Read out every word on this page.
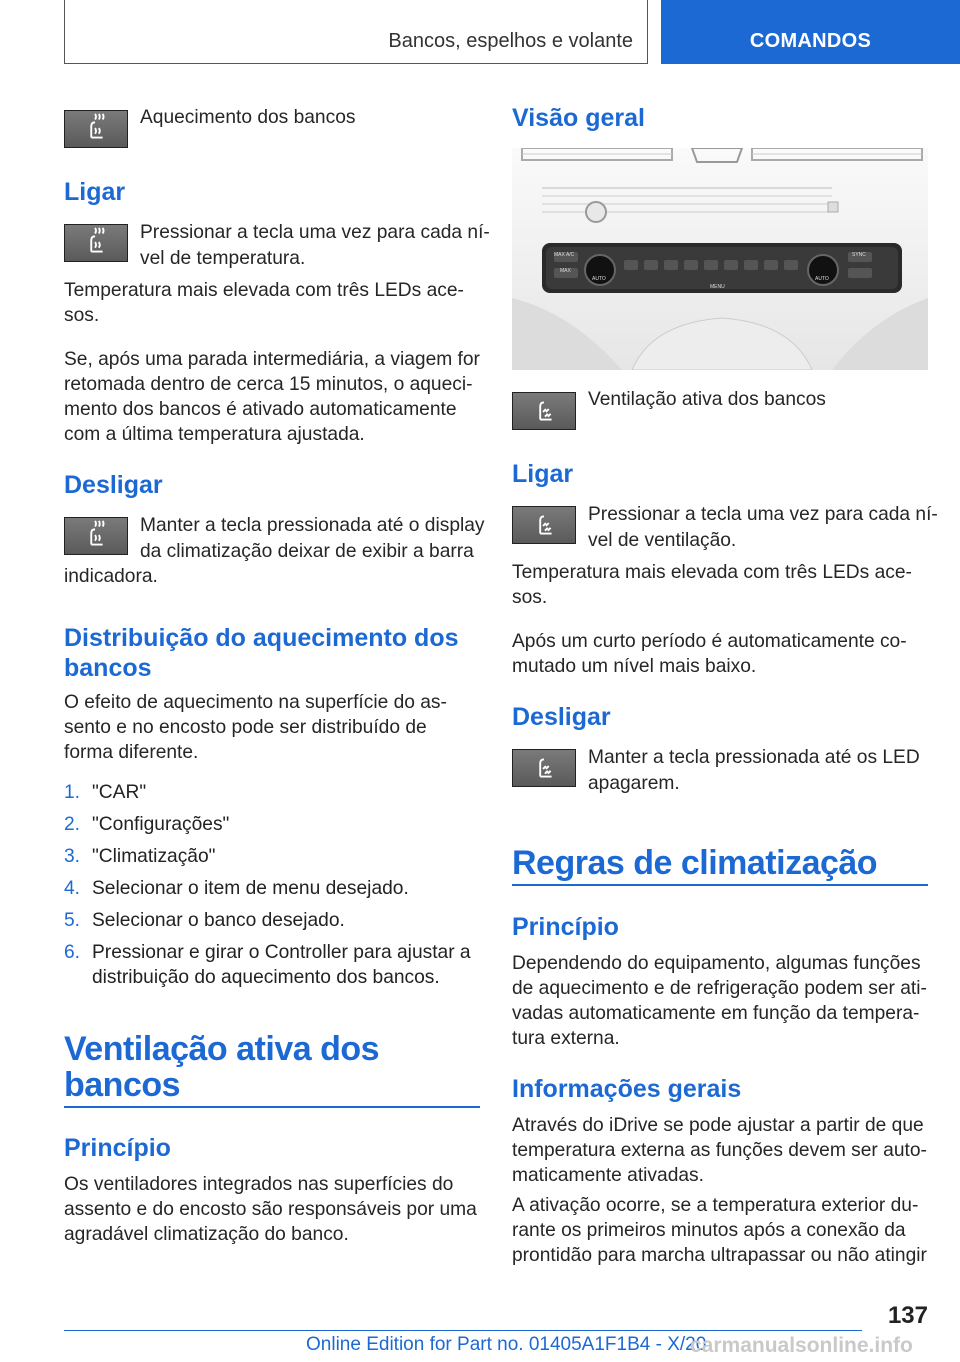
Bancos, espelhos e volante	COMANDOS
Aquecimento dos bancos
Ligar
Pressionar a tecla uma vez para cada ní‐
vel de temperatura.
Temperatura mais elevada com três LEDs ace‐
sos.
Se, após uma parada intermediária, a viagem for
retomada dentro de cerca 15 minutos, o aqueci‐
mento dos bancos é ativado automaticamente
com a última temperatura ajustada.
Desligar
Manter a tecla pressionada até o display
da climatização deixar de exibir a barra
indicadora.
Distribuição do aquecimento dos
bancos
O efeito de aquecimento na superfície do as‐
sento e no encosto pode ser distribuído de
forma diferente.
1. "CAR"
2. "Configurações"
3. "Climatização"
4. Selecionar o item de menu desejado.
5. Selecionar o banco desejado.
6. Pressionar e girar o Controller para ajustar a
distribuição do aquecimento dos bancos.
Ventilação ativa dos
bancos
Princípio
Os ventiladores integrados nas superfícies do
assento e do encosto são responsáveis por uma
agradável climatização do banco.
Visão geral
MAX A/C	SYNC
MAX
AUTO	AUTO
MENU
Ventilação ativa dos bancos
Ligar
Pressionar a tecla uma vez para cada ní‐
vel de ventilação.
Temperatura mais elevada com três LEDs ace‐
sos.
Após um curto período é automaticamente co‐
mutado um nível mais baixo.
Desligar
Manter a tecla pressionada até os LED
apagarem.
Regras de climatização
Princípio
Dependendo do equipamento, algumas funções
de aquecimento e de refrigeração podem ser ati‐
vadas automaticamente em função da tempera‐
tura externa.
Informações gerais
Através do iDrive se pode ajustar a partir de que
temperatura externa as funções devem ser auto‐
maticamente ativadas.
A ativação ocorre, se a temperatura exterior du‐
rante os primeiros minutos após a conexão da
prontidão para marcha ultrapassar ou não atingir
137
Online Edition for Part no. 01405A1F1B4 - X/20
carmanualsonline.info
